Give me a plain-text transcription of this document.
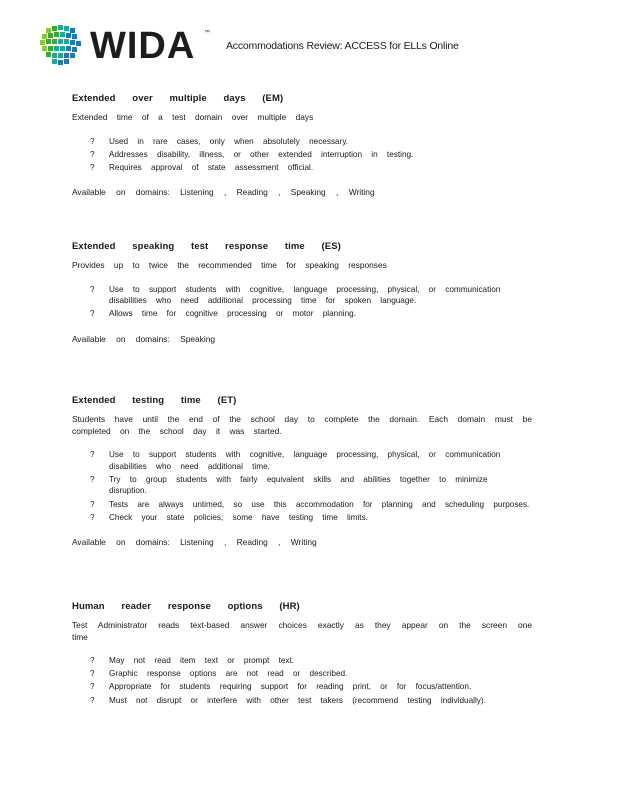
WIDA ™
Accommodations Review: ACCESS for ELLs Online
Extended over multiple days (EM)

Extended time of a test domain over multiple days

? Used in rare cases, only when absolutely necessary.
? Addresses disability, illness, or other extended interruption in testing.
? Requires approval of state assessment official.
Available on domains: Listening , Reading , Speaking , Writing
Extended speaking test response time (ES)

Provides up to twice the recommended time for speaking responses

? Use to support students with cognitive, language processing, physical, or communication disabilities who need additional processing time for spoken language.
? Allows time for cognitive processing or motor planning.
Available on domains: Speaking
Extended testing time (ET)

Students have until the end of the school day to complete the domain. Each domain must be completed on the school day it was started.

? Use to support students with cognitive, language processing, physical, or communication disabilities who need additional time.
? Try to group students with fairly equivalent skills and abilities together to minimize disruption.
? Tests are always untimed, so use this accommodation for planning and scheduling purposes.
? Check your state policies; some have testing time limits.
Available on domains: Listening , Reading , Writing
Human reader response options (HR)

Test Administrator reads text-based answer choices exactly as they appear on the screen one time

? May not read item text or prompt text.
? Graphic response options are not read or described.
? Appropriate for students requiring support for reading print, or for focus/attention.
? Must not disrupt or interfere with other test takers (recommend testing individually).
